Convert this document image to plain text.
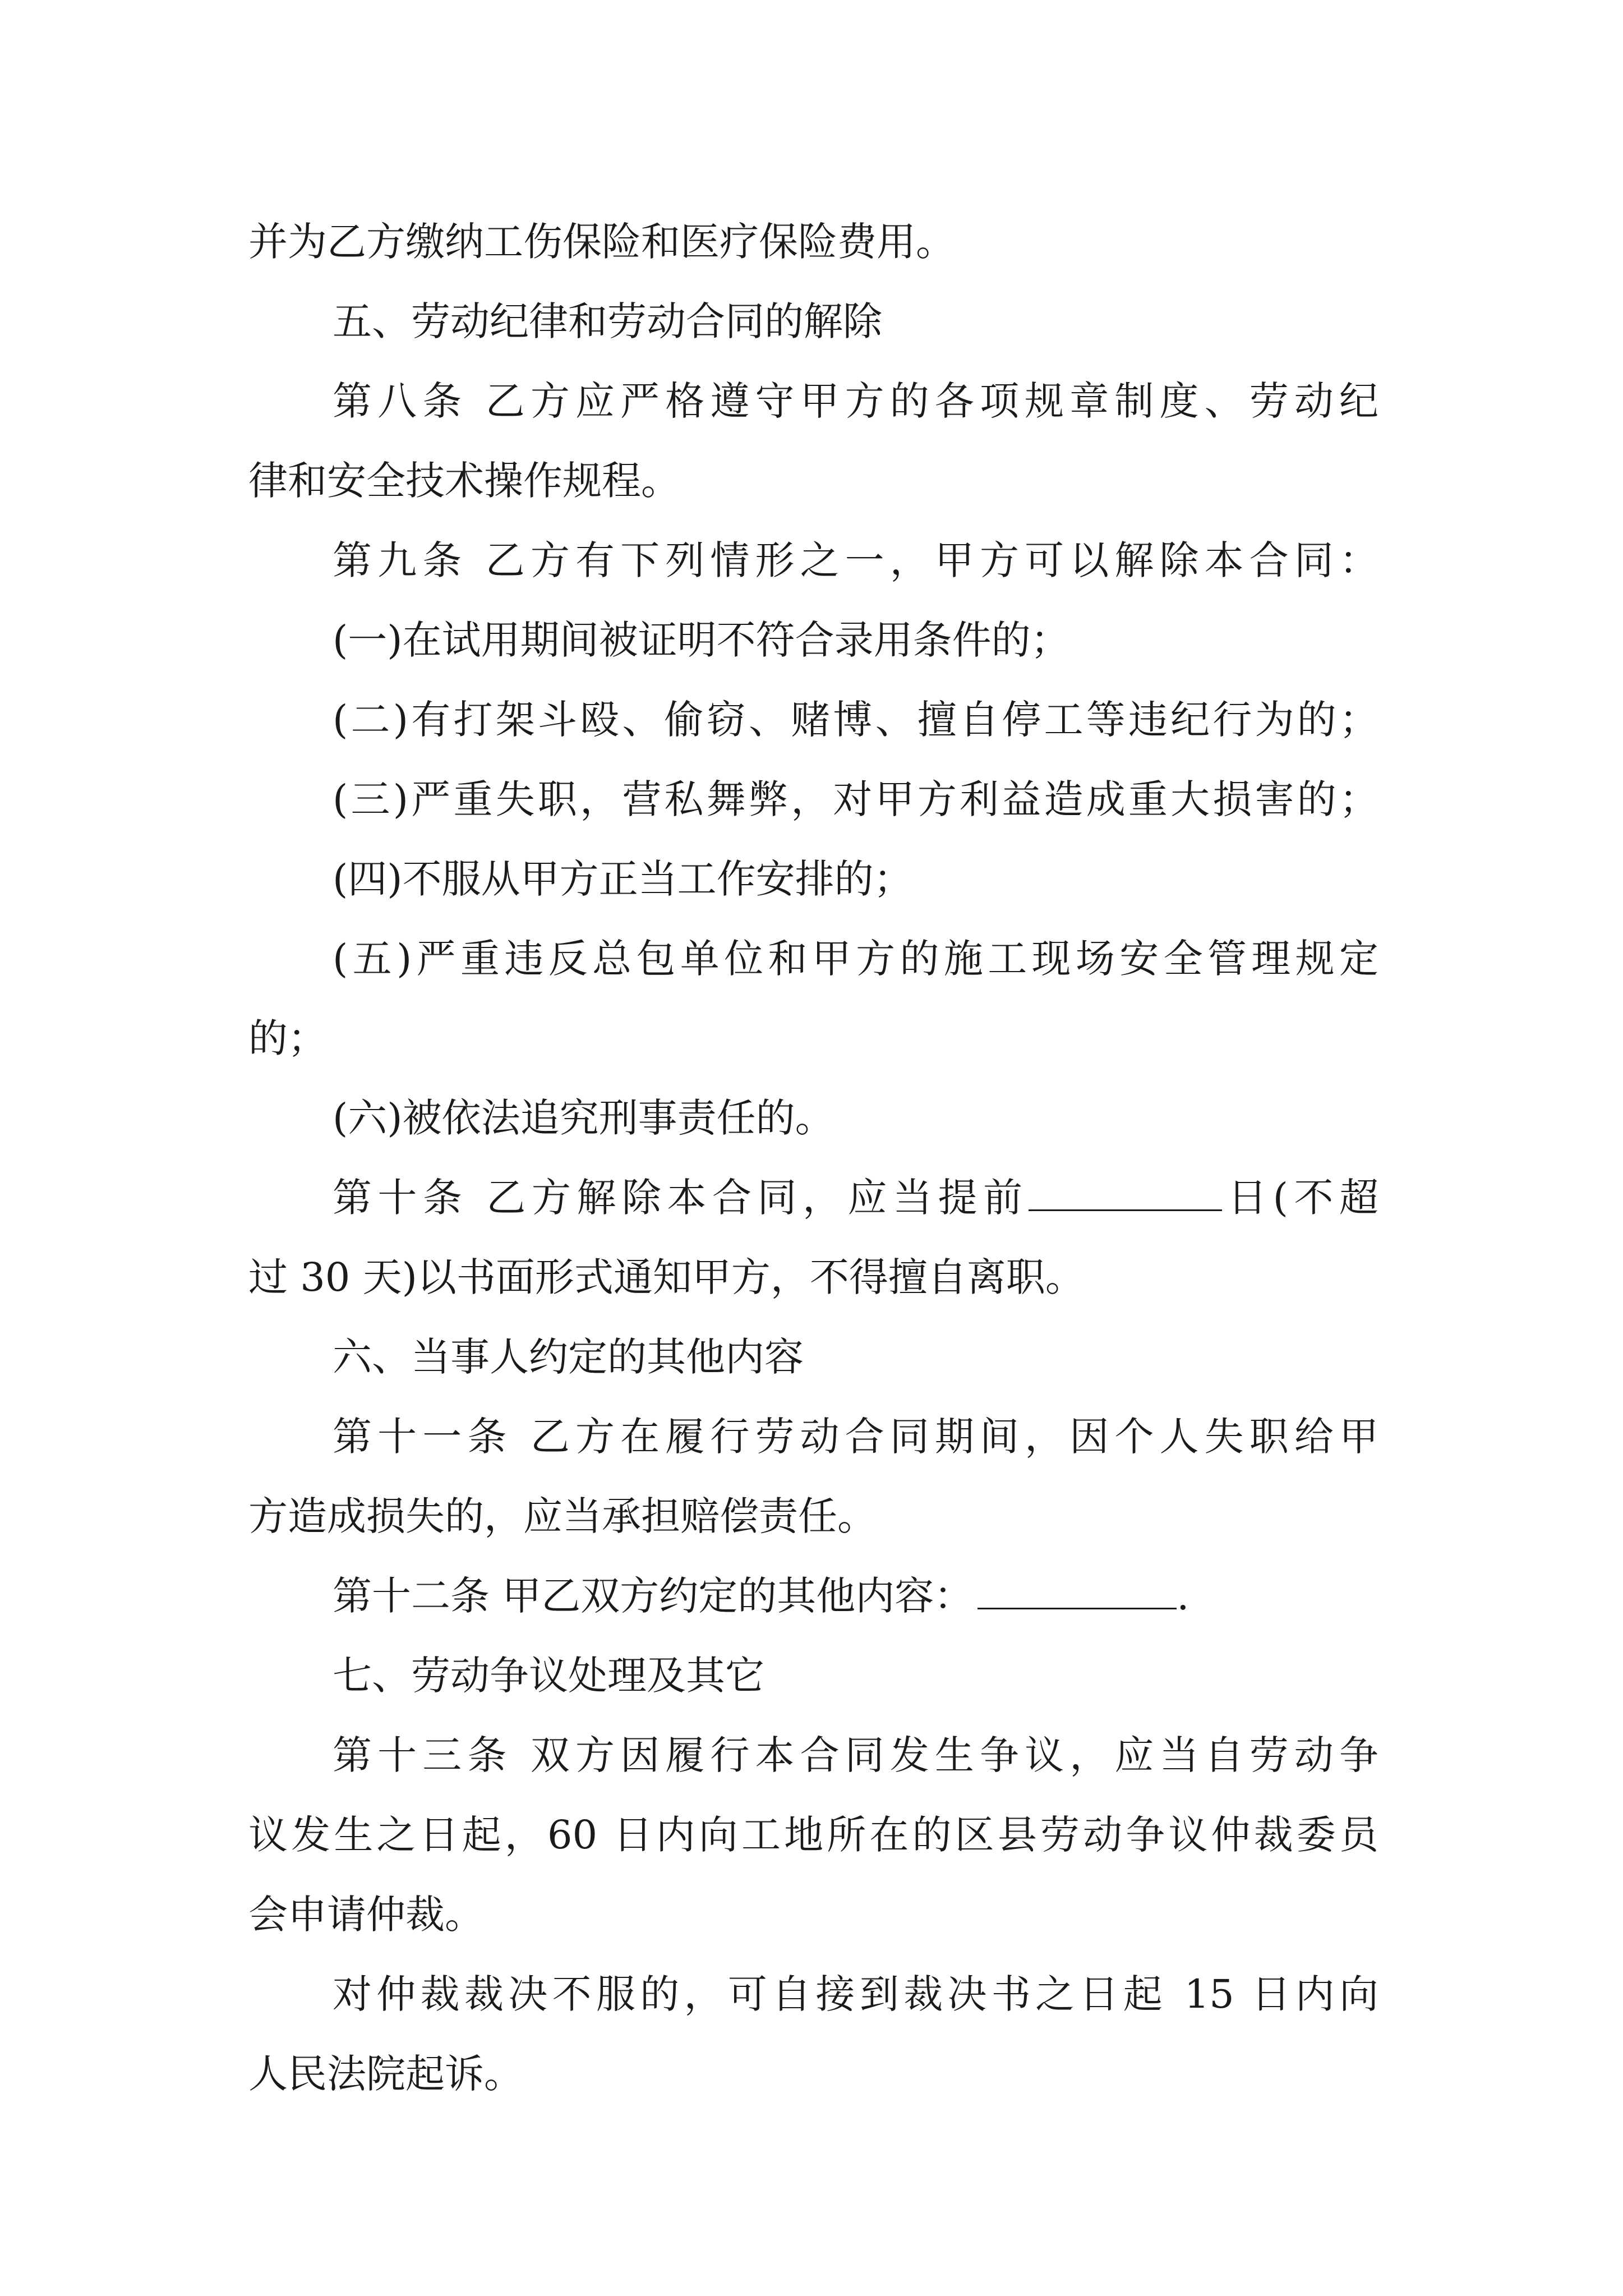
并为乙方缴纳工伤保险和医疗保险费用。
五、劳动纪律和劳动合同的解除
第八条 乙方应严格遵守甲方的各项规章制度、劳动纪
律和安全技术操作规程。
第九条 乙方有下列情形之一，甲方可以解除本合同：
(一)在试用期间被证明不符合录用条件的；
(二)有打架斗殴、偷窃、赌博、擅自停工等违纪行为的；
(三)严重失职，营私舞弊，对甲方利益造成重大损害的；
(四)不服从甲方正当工作安排的；
(五)严重违反总包单位和甲方的施工现场安全管理规定
的；
(六)被依法追究刑事责任的。
第十条 乙方解除本合同，应当提前	日(不超
过 30 天)以书面形式通知甲方，不得擅自离职。
六、当事人约定的其他内容
第十一条 乙方在履行劳动合同期间，因个人失职给甲
方造成损失的，应当承担赔偿责任。
第十二条 甲乙双方约定的其他内容：	.
七、劳动争议处理及其它
第十三条 双方因履行本合同发生争议，应当自劳动争
议发生之日起，60 日内向工地所在的区县劳动争议仲裁委员
会申请仲裁。
对仲裁裁决不服的，可自接到裁决书之日起 15 日内向
人民法院起诉。
